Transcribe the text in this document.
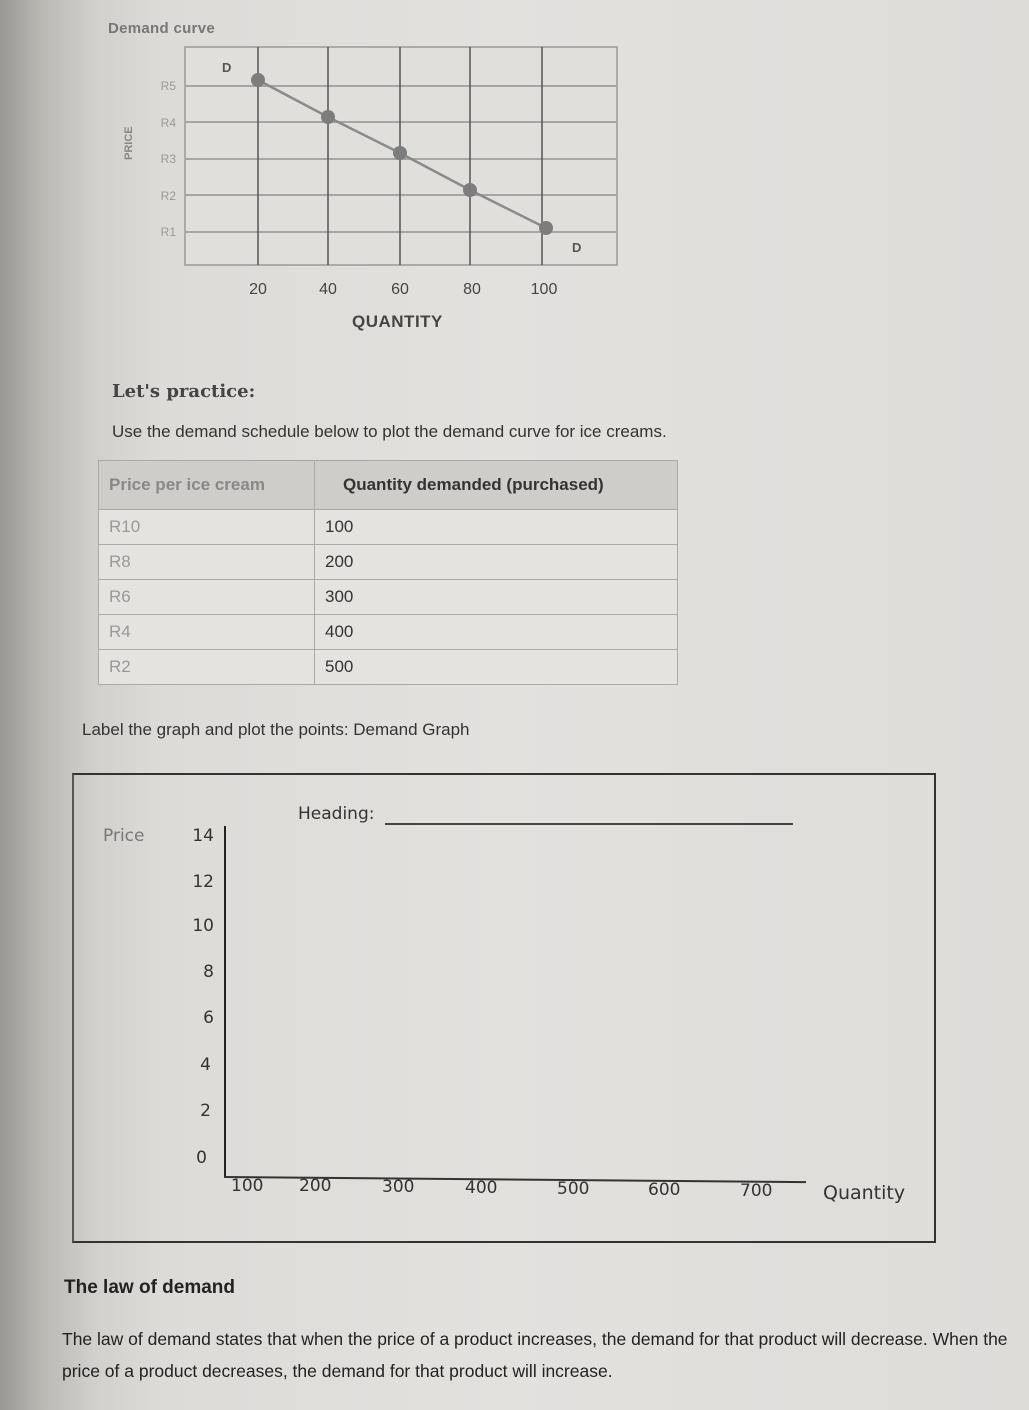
Demand curve
PRICE
R5
R4
R3
R2
R1
D
D
20	40	60	80	100
QUANTITY
Let's practice:
Use the demand schedule below to plot the demand curve for ice creams.
Price per ice cream	Quantity demanded (purchased)
R10	100
R8	200
R6	300
R4	400
R2	500
Label the graph and plot the points: Demand Graph
Heading:
Price	14
12
10
8
6
4
2
0
100 200	300	400	500	600	700	Quantity
The law of demand
The law of demand states that when the price of a product increases, the demand for that product will decrease. When the price of a product decreases, the demand for that product will increase.
